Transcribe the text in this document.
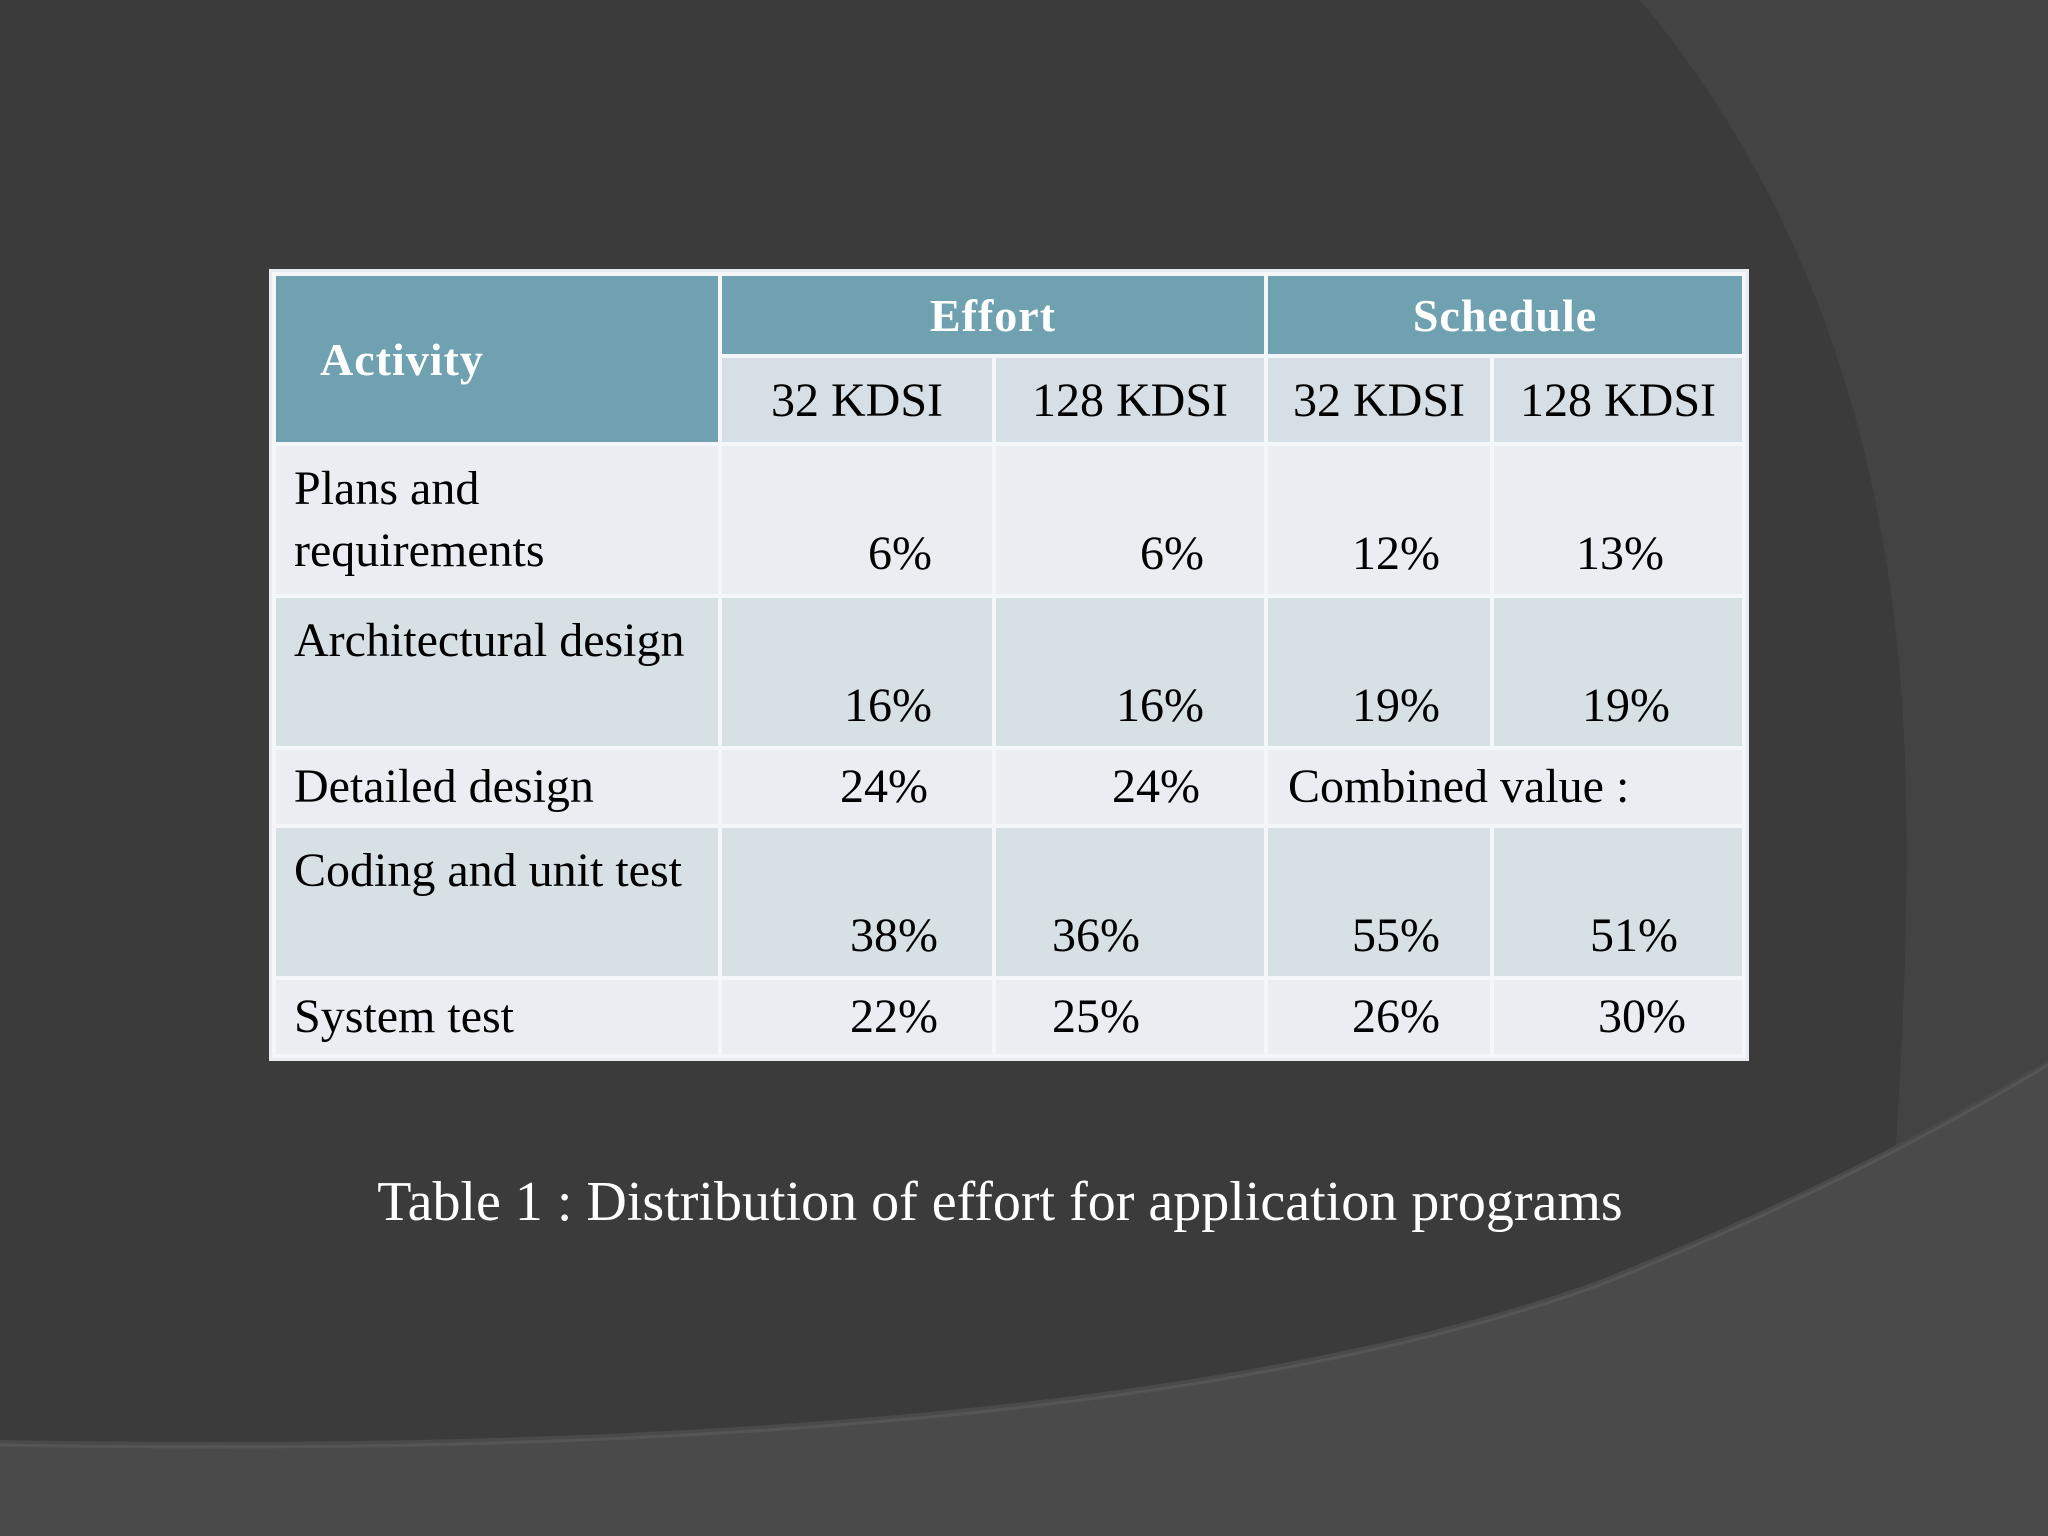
Activity	Effort		Schedule	
	32 KDSI	128 KDSI	32 KDSI	128 KDSI
Plans and requirements	6%	6%	12%	13%
Architectural design	16%	16%	19%	19%
Detailed design	24%	24%	Combined value :	
Coding and unit test	38%	36%	55%	51%
System test	22%	25%	26%	30%
Table 1 : Distribution of effort for application programs
